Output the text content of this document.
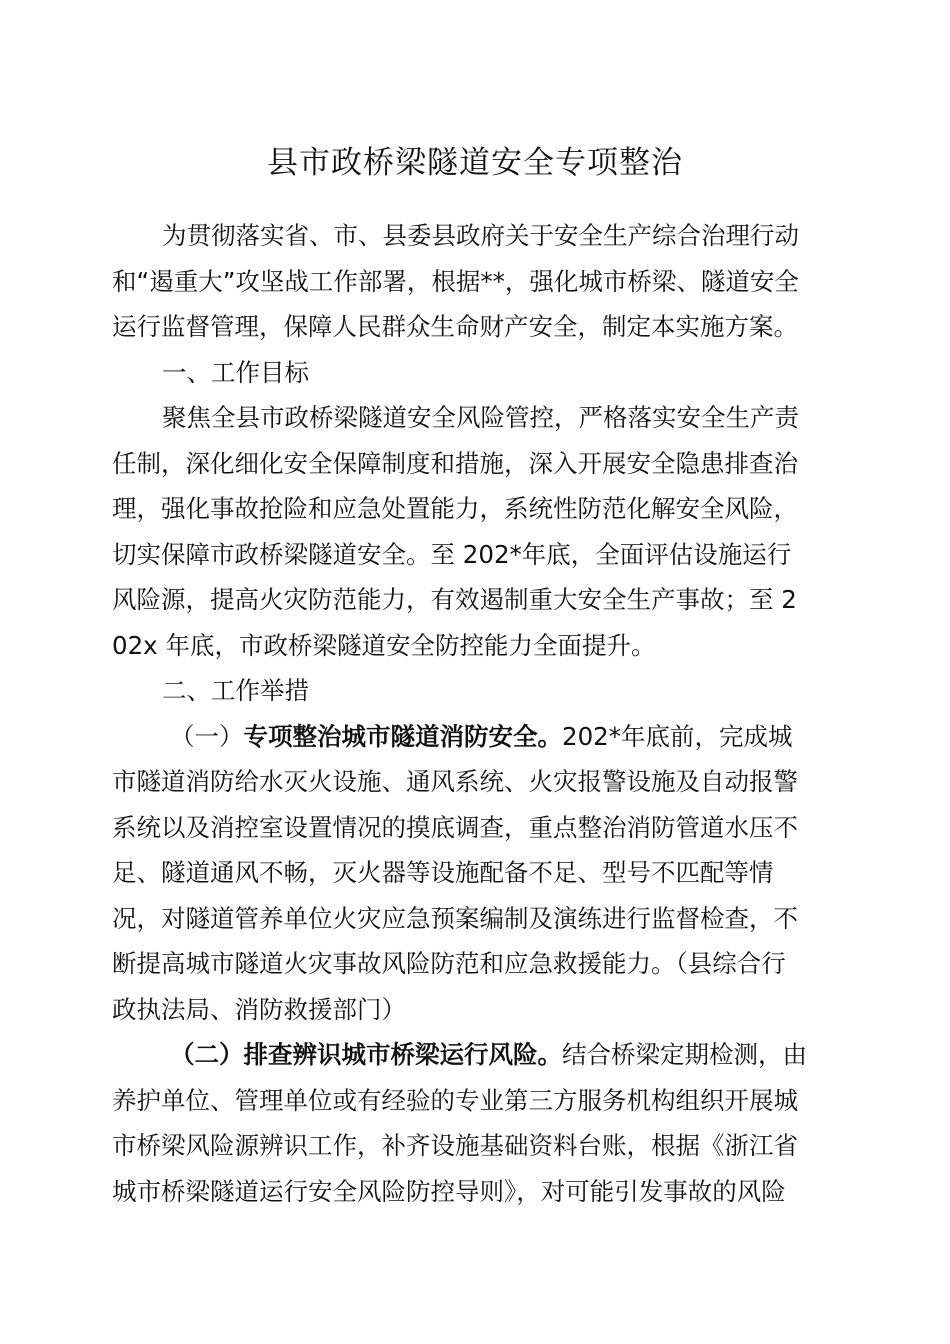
县市政桥梁隧道安全专项整治
为贯彻落实省、市、县委县政府关于安全生产综合治理行动
和“遏重大”攻坚战工作部署，根据**，强化城市桥梁、隧道安全
运行监督管理，保障人民群众生命财产安全，制定本实施方案。
一、工作目标
聚焦全县市政桥梁隧道安全风险管控，严格落实安全生产责
任制，深化细化安全保障制度和措施，深入开展安全隐患排查治
理，强化事故抢险和应急处置能力，系统性防范化解安全风险，
切实保障市政桥梁隧道安全。至 202*年底，全面评估设施运行
风险源，提高火灾防范能力，有效遏制重大安全生产事故；至 2
02x 年底，市政桥梁隧道安全防控能力全面提升。
二、工作举措
（一）专项整治城市隧道消防安全。202*年底前，完成城
市隧道消防给水灭火设施、通风系统、火灾报警设施及自动报警
系统以及消控室设置情况的摸底调查，重点整治消防管道水压不
足、隧道通风不畅，灭火器等设施配备不足、型号不匹配等情
况，对隧道管养单位火灾应急预案编制及演练进行监督检查，不
断提高城市隧道火灾事故风险防范和应急救援能力。（县综合行
政执法局、消防救援部门）
（二）排查辨识城市桥梁运行风险。结合桥梁定期检测，由
养护单位、管理单位或有经验的专业第三方服务机构组织开展城
市桥梁风险源辨识工作，补齐设施基础资料台账，根据《浙江省
城市桥梁隧道运行安全风险防控导则》，对可能引发事故的风险
